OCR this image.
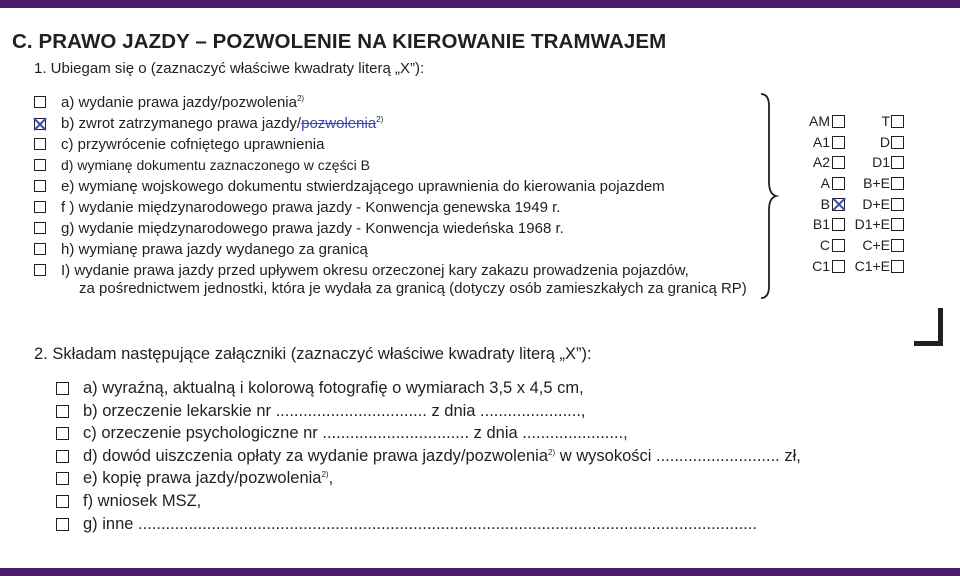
C. PRAWO JAZDY – POZWOLENIE NA KIEROWANIE TRAMWAJEM
1. Ubiegam się o (zaznaczyć właściwe kwadraty literą „X”):
a) wydanie prawa jazdy/pozwolenia$^{2)}$
b) zwrot zatrzymanego prawa jazdy/pozwolenia$^{2)}$
c) przywrócenie cofniętego uprawnienia
d) wymianę dokumentu zaznaczonego w części B
e) wymianę wojskowego dokumentu stwierdzającego uprawnienia do kierowania pojazdem
f ) wydanie międzynarodowego prawa jazdy - Konwencja genewska 1949 r.
g) wydanie międzynarodowego prawa jazdy - Konwencja wiedeńska 1968 r.
h) wymianę prawa jazdy wydanego za granicą
I) wydanie prawa jazdy przed upływem okresu orzeczonej kary zakazu prowadzenia pojazdów,
za pośrednictwem jednostki, która je wydała za granicą (dotyczy osób zamieszkałych za granicą RP)
AM	T
A1	D
A2	D1
A B+E
B D+E
B1 D1+E
C C+E
C1 C1+E
2. Składam następujące załączniki (zaznaczyć właściwe kwadraty literą „X”):
a) wyraźną, aktualną i kolorową fotografię o wymiarach 3,5 x 4,5 cm,
b) orzeczenie lekarskie nr ................................. z dnia ......................,
c) orzeczenie psychologiczne nr ................................ z dnia ......................,
d) dowód uiszczenia opłaty za wydanie prawa jazdy/pozwolenia$^{2)}$ w wysokości ........................... zł,
e) kopię prawa jazdy/pozwolenia$^{2)}$,
f) wniosek MSZ,
g) inne .......................................................................................................................................
